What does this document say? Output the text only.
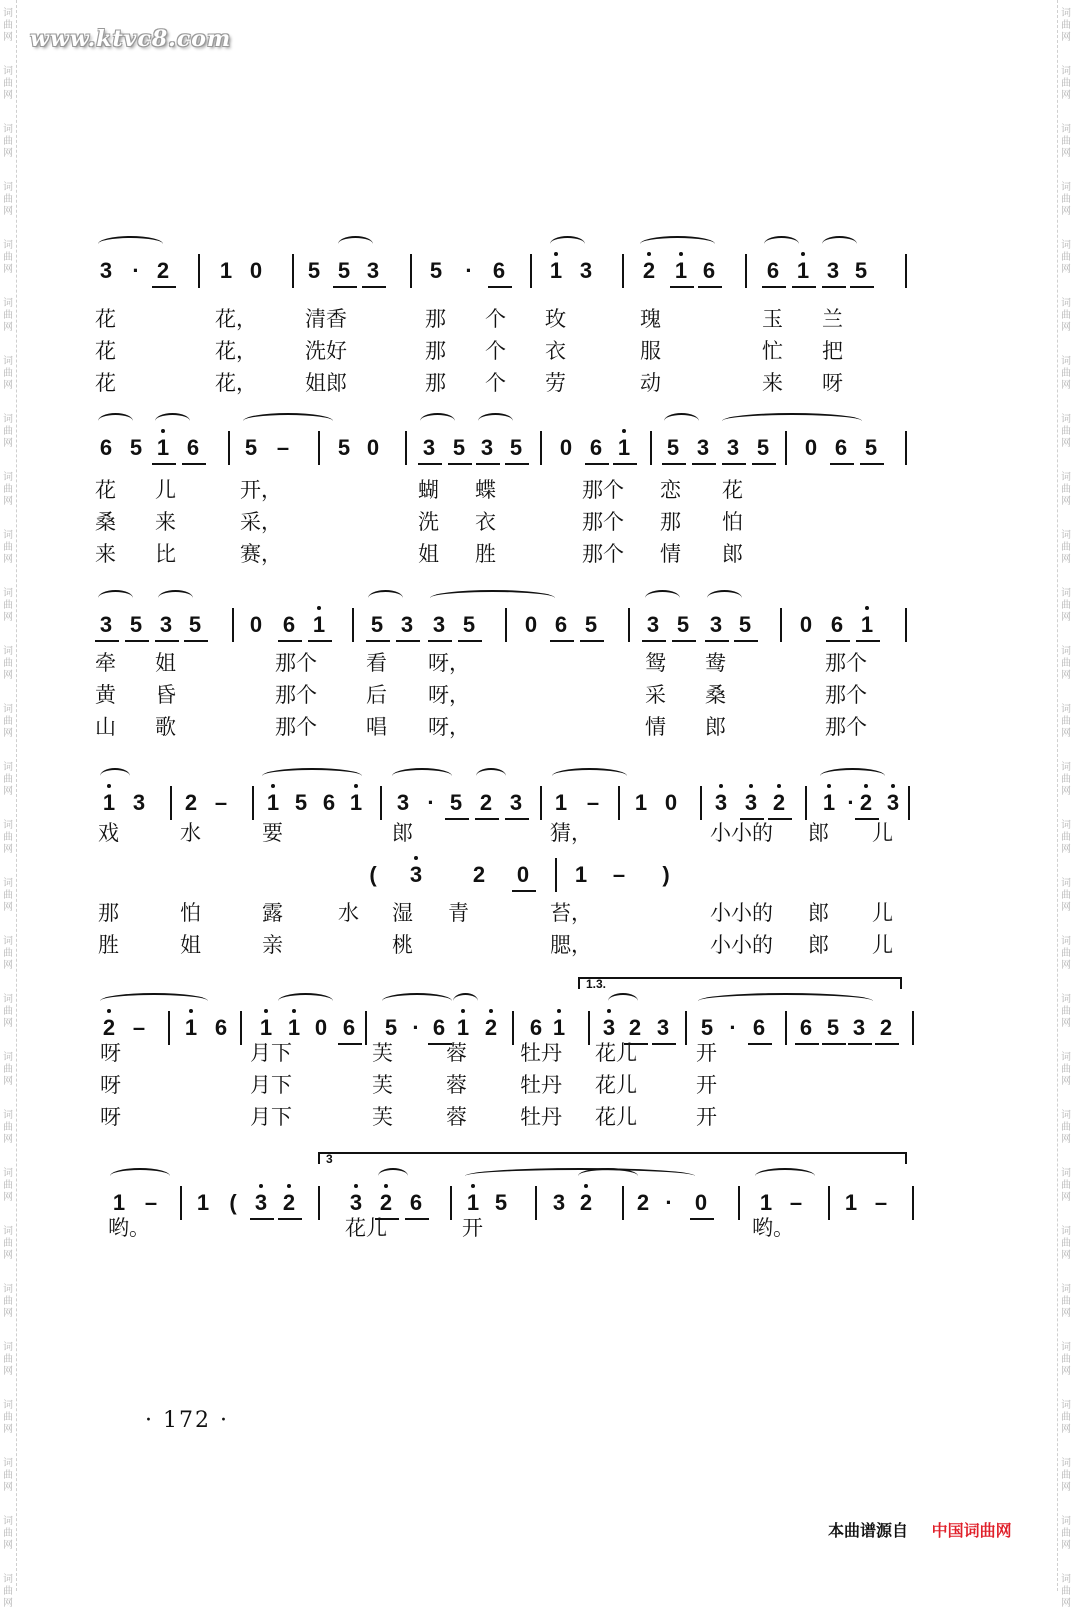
词曲网
词曲网
词曲网
词曲网
词曲网
词曲网
词曲网
词曲网
词曲网
词曲网
词曲网
词曲网
词曲网
词曲网
词曲网
词曲网
词曲网
词曲网
词曲网
词曲网
词曲网
词曲网
词曲网
词曲网
词曲网
词曲网
词曲网
词曲网
词曲网
词曲网
词曲网
词曲网
词曲网
词曲网
词曲网
词曲网
词曲网
词曲网
词曲网
词曲网
词曲网
词曲网
词曲网
词曲网
词曲网
词曲网
词曲网
词曲网
词曲网
词曲网
词曲网
词曲网
词曲网
词曲网
词曲网
词曲网
www.ktvc8.com
3 · 2 1 0 5 5 3 5	· 6 1 3 2 1 6 6 1 3 5
花	花， 清香	那 个 玫	瑰	玉 兰
花	花， 洗好	那 个 衣	服	忙 把
花	花， 姐郎	那 个 劳	动	来 呀
6 5 1 6 5 – 5 0 3 5 3 5 0 6 1 5 3 3 5 0 6 5
花 儿	开，	蝴 蝶	那个 恋 花
桑 来	采，	洗 衣	那个 那 怕
来 比	赛，	姐 胜	那个 情 郎
3 5 3 5 0 6 1 5 3 3 5 0 6 5 3 5 3 5 0 6 1
牵 姐	那个 看 呀，	鸳 鸯	那个
黄 昏	那个 后 呀，	采 桑	那个
山 歌	那个 唱 呀，	情 郎	那个
1 3 2 – 1 5 6 1 3 · 5 2 3 1 – 1 0 3 3 2 1 · 2 3
戏	水	要	郎	猜，	小小的 郎 儿
(	3 2 0 1 –	)
那	怕	露	水 湿 青	苔，	小小的 郎 儿
胜	姐	亲	桃	腮，	小小的 郎 儿
2 – 1 6 1 1 0 6 5 · 6 1 2 6 1 3 2 3 5 · 6 6 5 3 2
1.3.
呀	月下	芙	蓉	牡丹 花儿	开
呀	月下	芙	蓉	牡丹 花儿	开
呀	月下	芙	蓉	牡丹 花儿	开
1 – 1 ( 3 2 3 2 6 1 5 3 2 2 ·	0 1 – 1 –
3
哟。	花儿	开	哟。
· 172 ·
本曲谱源自 中国词曲网
